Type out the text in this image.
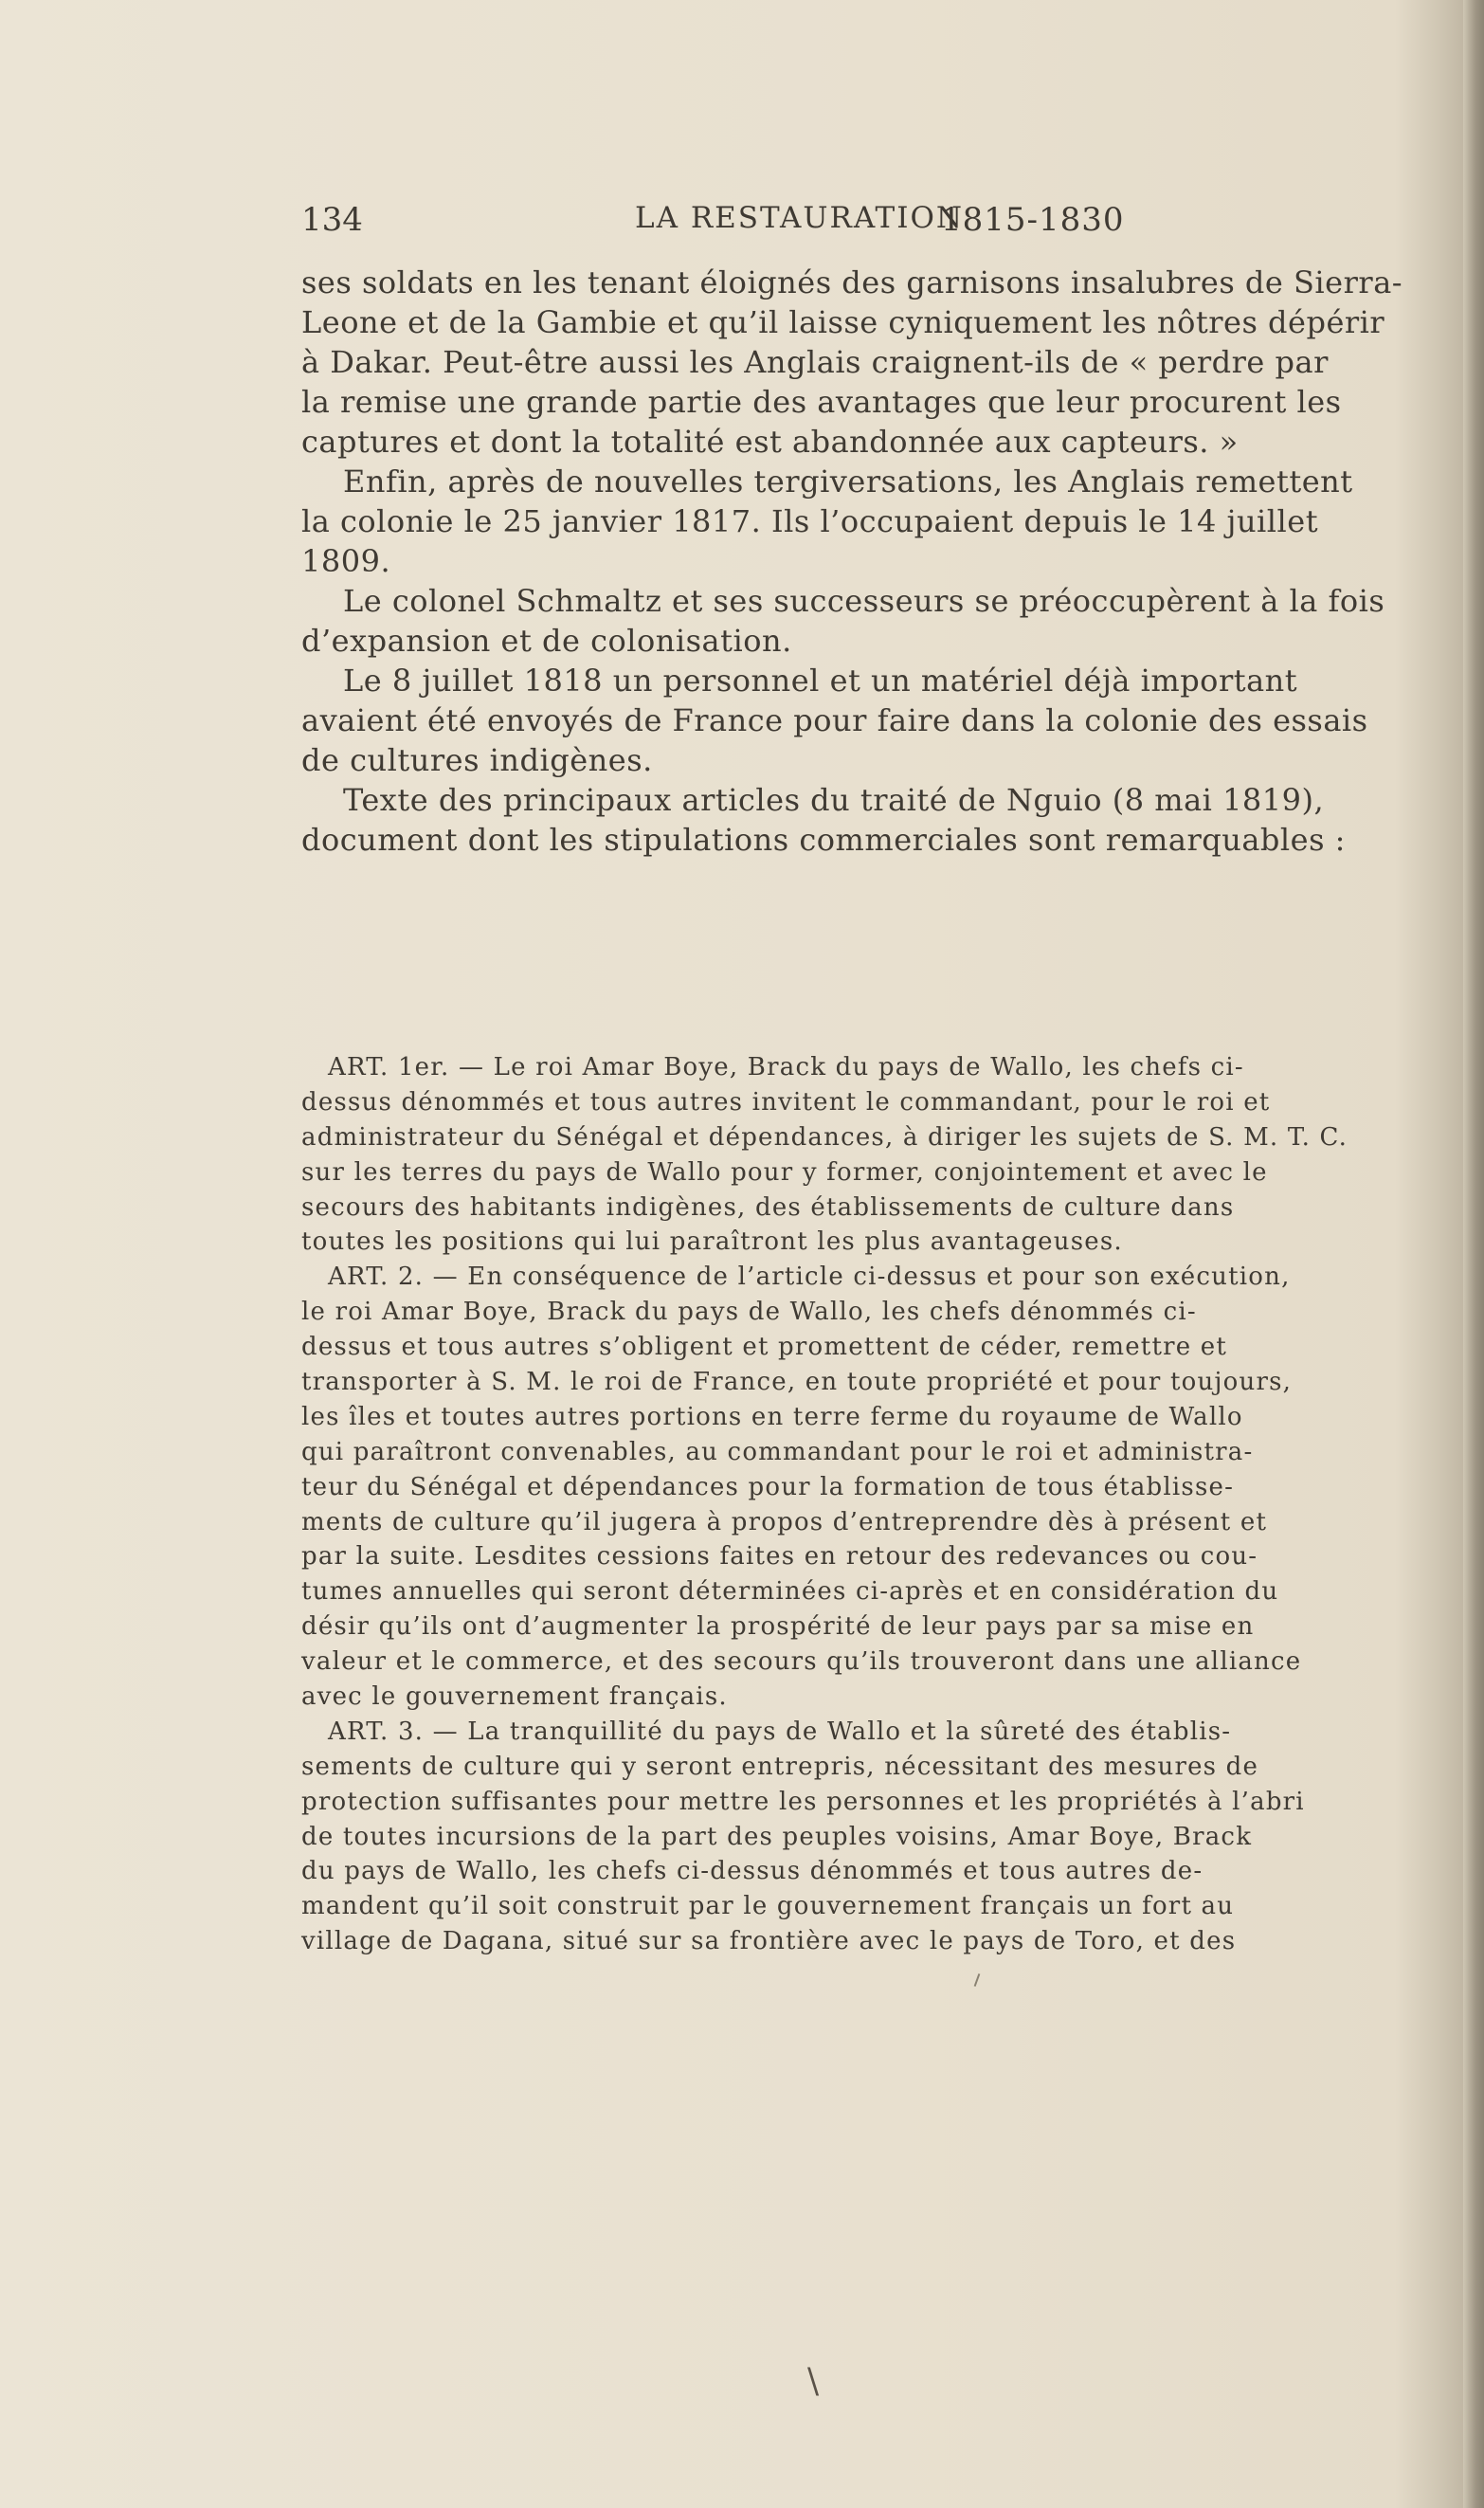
134	LA RESTAURATION
1815-1830
ses soldats en les tenant éloignés des garnisons insalubres de Sierra-
Leone et de la Gambie et qu’il laisse cyniquement les nôtres dépérir
à Dakar. Peut-être aussi les Anglais craignent-ils de « perdre par
la remise une grande partie des avantages que leur procurent les
captures et dont la totalité est abandonnée aux capteurs. »
Enfin, après de nouvelles tergiversations, les Anglais remettent
la colonie le 25 janvier 1817. Ils l’occupaient depuis le 14 juillet
1809.
Le colonel Schmaltz et ses successeurs se préoccupèrent à la fois
d’expansion et de colonisation.
Le 8 juillet 1818 un personnel et un matériel déjà important
avaient été envoyés de France pour faire dans la colonie des essais
de cultures indigènes.
Texte des principaux articles du traité de Nguio (8 mai 1819),
document dont les stipulations commerciales sont remarquables :
ART. 1er. — Le roi Amar Boye, Brack du pays de Wallo, les chefs ci-
dessus dénommés et tous autres invitent le commandant, pour le roi et
administrateur du Sénégal et dépendances, à diriger les sujets de S. M. T. C.
sur les terres du pays de Wallo pour y former, conjointement et avec le
secours des habitants indigènes, des établissements de culture dans
toutes les positions qui lui paraîtront les plus avantageuses.
ART. 2. — En conséquence de l’article ci-dessus et pour son exécution,
le roi Amar Boye, Brack du pays de Wallo, les chefs dénommés ci-
dessus et tous autres s’obligent et promettent de céder, remettre et
transporter à S. M. le roi de France, en toute propriété et pour toujours,
les îles et toutes autres portions en terre ferme du royaume de Wallo
qui paraîtront convenables, au commandant pour le roi et administra-
teur du Sénégal et dépendances pour la formation de tous établisse-
ments de culture qu’il jugera à propos d’entreprendre dès à présent et
par la suite. Lesdites cessions faites en retour des redevances ou cou-
tumes annuelles qui seront déterminées ci-après et en considération du
désir qu’ils ont d’augmenter la prospérité de leur pays par sa mise en
valeur et le commerce, et des secours qu’ils trouveront dans une alliance
avec le gouvernement français.
ART. 3. — La tranquillité du pays de Wallo et la sûreté des établis-
sements de culture qui y seront entrepris, nécessitant des mesures de
protection suffisantes pour mettre les personnes et les propriétés à l’abri
de toutes incursions de la part des peuples voisins, Amar Boye, Brack
du pays de Wallo, les chefs ci-dessus dénommés et tous autres de-
mandent qu’il soit construit par le gouvernement français un fort au
village de Dagana, situé sur sa frontière avec le pays de Toro, et des
\
